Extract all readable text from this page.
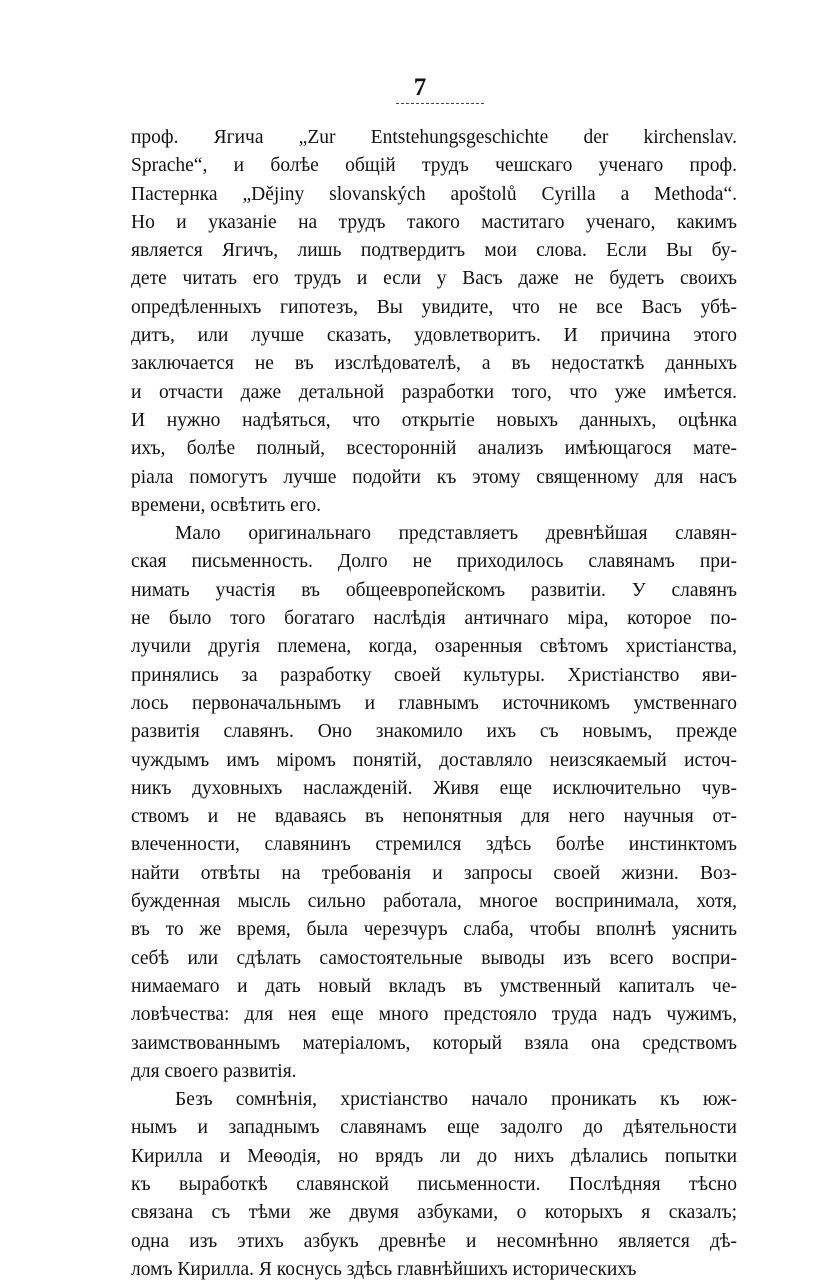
7
проф. Ягича „Zur Entstehungsgeschichte der kirchenslav.
Sprache“, и болѣе общій трудъ чешскаго ученаго проф.
Пастернка „Dějiny slovanských apoštolů Cyrilla a Methoda“.
Но и указаніе на трудъ такого маститаго ученаго, какимъ
является Ягичъ, лишь подтвердитъ мои слова. Если Вы бу-
дете читать его трудъ и если у Васъ даже не будетъ своихъ
опредѣленныхъ гипотезъ, Вы увидите, что не все Васъ убѣ-
дитъ, или лучше сказать, удовлетворитъ. И причина этого
заключается не въ изслѣдователѣ, а въ недостаткѣ данныхъ
и отчасти даже детальной разработки того, что уже имѣется.
И нужно надѣяться, что открытіе новыхъ данныхъ, оцѣнка
ихъ, болѣе полный, всесторонній анализъ имѣющагося мате-
ріала помогутъ лучше подойти къ этому священному для насъ
времени, освѣтить его.
Мало оригинальнаго представляетъ древнѣйшая славян-
ская письменность. Долго не приходилось славянамъ при-
нимать участія въ общеевропейскомъ развитіи. У славянъ
не было того богатаго наслѣдія античнаго міра, которое по-
лучили другія племена, когда, озаренныя свѣтомъ христіанства,
принялись за разработку своей культуры. Христіанство яви-
лось первоначальнымъ и главнымъ источникомъ умственнаго
развитія славянъ. Оно знакомило ихъ съ новымъ, прежде
чуждымъ имъ міромъ понятій, доставляло неизсякаемый источ-
никъ духовныхъ наслажденій. Живя еще исключительно чув-
ствомъ и не вдаваясь въ непонятныя для него научныя от-
влеченности, славянинъ стремился здѣсь болѣе инстинктомъ
найти отвѣты на требованія и запросы своей жизни. Воз-
бужденная мысль сильно работала, многое воспринимала, хотя,
въ то же время, была черезчуръ слаба, чтобы вполнѣ уяснить
себѣ или сдѣлать самостоятельные выводы изъ всего воспри-
нимаемаго и дать новый вкладъ въ умственный капиталъ че-
ловѣчества: для нея еще много предстояло труда надъ чужимъ,
заимствованнымъ матеріаломъ, который взяла она средствомъ
для своего развитія.
Безъ сомнѣнія, христіанство начало проникать къ юж-
нымъ и западнымъ славянамъ еще задолго до дѣятельности
Кирилла и Меѳодія, но врядъ ли до нихъ дѣлались попытки
къ выработкѣ славянской письменности. Послѣдняя тѣсно
связана съ тѣми же двумя азбуками, о которыхъ я сказалъ;
одна изъ этихъ азбукъ древнѣе и несомнѣнно является дѣ-
ломъ Кирилла. Я коснусь здѣсь главнѣйшихъ историческихъ
